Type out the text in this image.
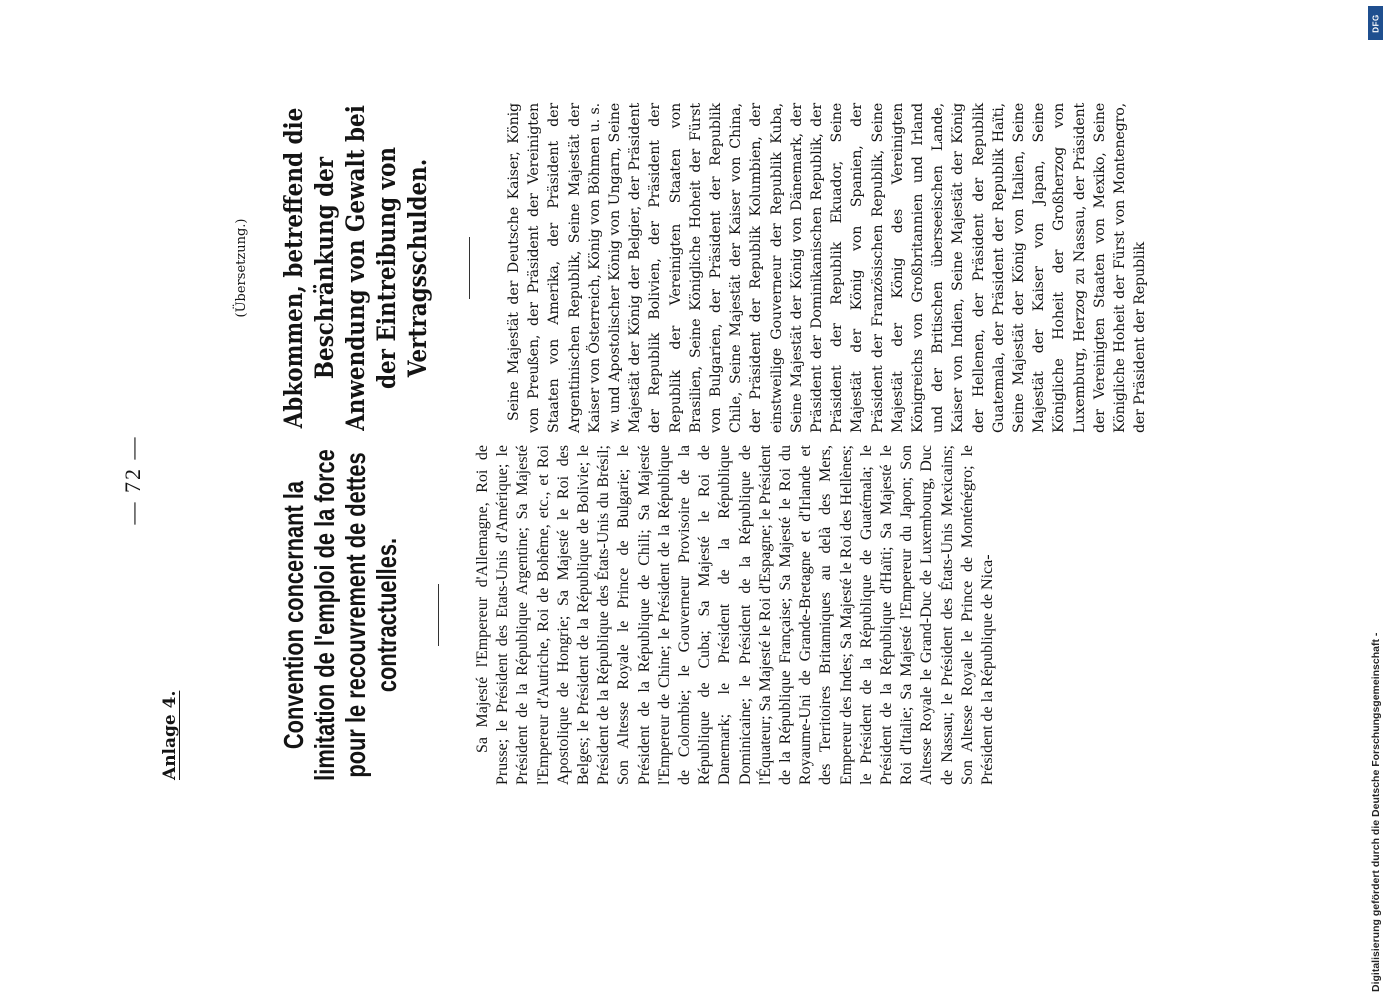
— 72 —
Anlage 4.	Convention concernant la limitation de l'emploi de la force pour le recouvrement de dettes contractuelles.	Sa Majesté l'Empereur d'Allemagne, Roi de Prusse; le Président des Etats-Unis d'Amérique; le Président de la République Argentine; Sa Majesté l'Empereur d'Autriche, Roi de Bohême, etc., et Roi Apostolique de Hongrie; Sa Majesté le Roi des Belges; le Président de la République de Bolivie; le Président de la République des États-Unis du Brésil; Son Altesse Royale le Prince de Bulgarie; le Président de la République de Chili; Sa Majesté l'Empereur de Chine; le Président de la République de Colombie; le Gouverneur Provisoire de la République de Cuba; Sa Majesté le Roi de Danemark; le Président de la République Dominicaine; le Président de la République de l'Équateur; Sa Majesté le Roi d'Espagne; le Président de la République Française; Sa Majesté le Roi du Royaume-Uni de Grande-Bretagne et d'Irlande et des Territoires Britanniques au delà des Mers, Empereur des Indes; Sa Majesté le Roi des Hellènes; le Président de la République de Guatémala; le Président de la République d'Haïti; Sa Majesté le Roi d'Italie; Sa Majesté l'Empereur du Japon; Son Altesse Royale le Grand-Duc de Luxembourg, Duc de Nassau; le Président des États-Unis Mexicains; Son Altesse Royale le Prince de Monténégro; le Président de la République de Nica-

(Übersetzung.) Abkommen, betreffend die Beschränkung der Anwendung von Gewalt bei der Eintreibung von Vertragsschulden.	Seine Majestät der Deutsche Kaiser, König von Preußen, der Präsident der Vereinigten Staaten von Amerika, der Präsident der Argentinischen Republik, Seine Majestät der Kaiser von Österreich, König von Böhmen u. s. w. und Apostolischer König von Ungarn, Seine Majestät der König der Belgier, der Präsident der Republik Bolivien, der Präsident der Republik der Vereinigten Staaten von Brasilien, Seine Königliche Hoheit der Fürst von Bulgarien, der Präsident der Republik Chile, Seine Majestät der Kaiser von China, der Präsident der Republik Kolumbien, der einstweilige Gouverneur der Republik Kuba, Seine Majestät der König von Dänemark, der Präsident der Dominikanischen Republik, der Präsident der Republik Ekuador, Seine Majestät der König von Spanien, der Präsident der Französischen Republik, Seine Majestät der König des Vereinigten Königreichs von Großbritannien und Irland und der Britischen überseeischen Lande, Kaiser von Indien, Seine Majestät der König der Hellenen, der Präsident der Republik Guatemala, der Präsident der Republik Haïti, Seine Majestät der König von Italien, Seine Majestät der Kaiser von Japan, Seine Königliche Hoheit der Großherzog von Luxemburg, Herzog zu Nassau, der Präsident der Vereinigten Staaten von Mexiko, Seine Königliche Hoheit der Fürst von Montenegro, der Präsident der Republik

DFG
Digitalisierung gefördert durch die Deutsche Forschungsgemeinschaft -
